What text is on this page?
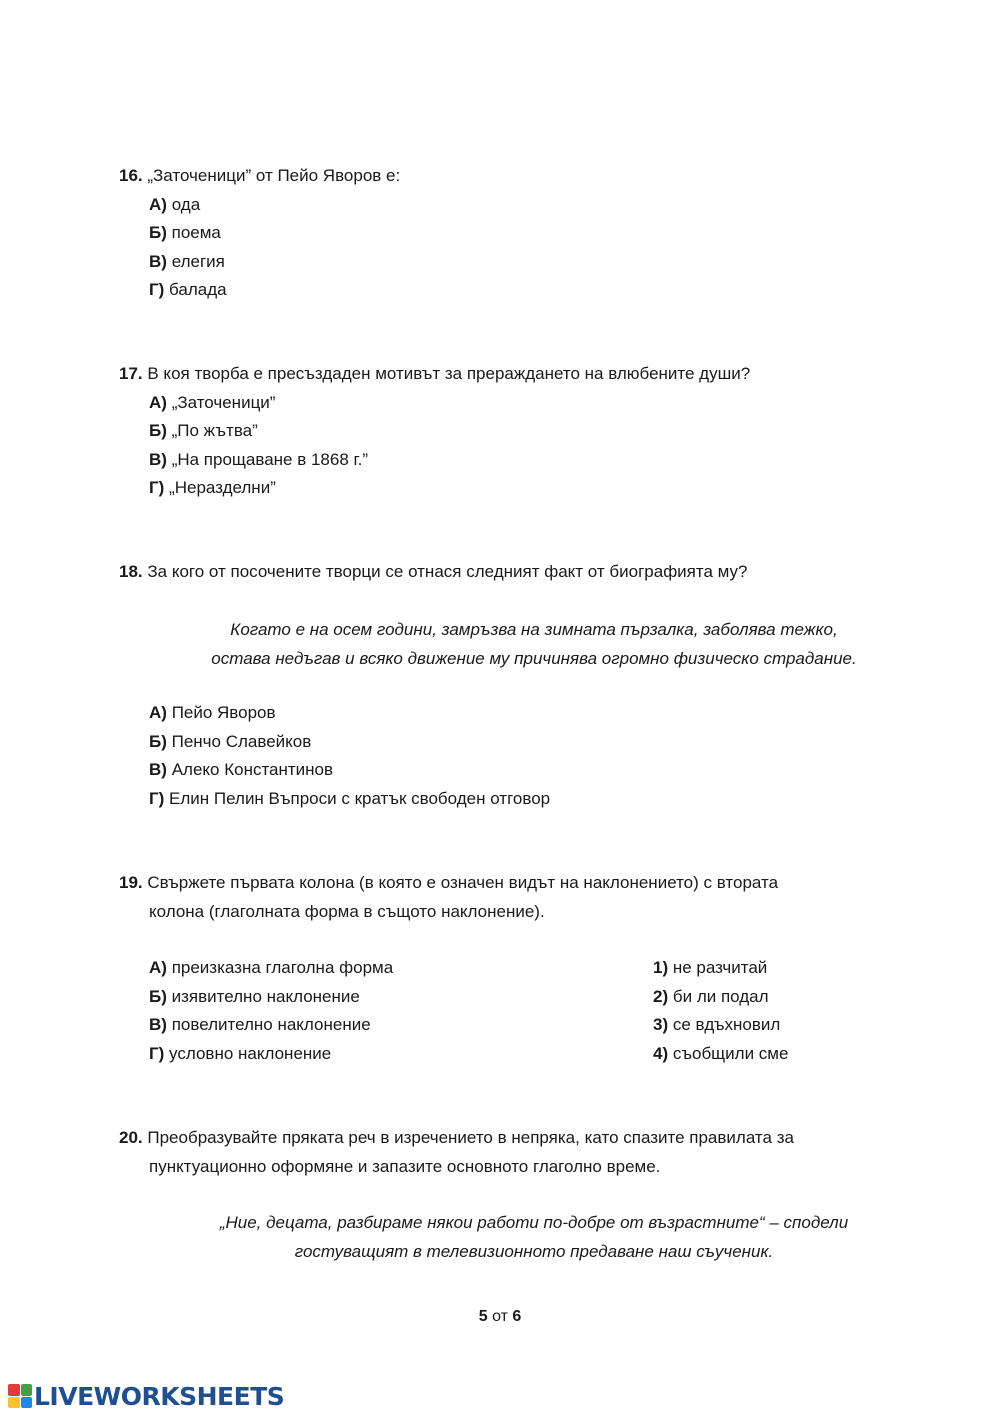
16. „Заточеници” от Пейо Яворов е:
А) ода
Б) поема
В) елегия
Г) балада
17. В коя творба е пресъздаден мотивът за прераждането на влюбените души?
А) „Заточеници”
Б) „По жътва”
В) „На прощаване в 1868 г.”
Г) „Неразделни”
18. За кого от посочените творци се отнася следният факт от биографията му?
Когато е на осем години, замръзва на зимната пързалка, заболява тежко,
остава недъгав и всяко движение му причинява огромно физическо страдание.
А) Пейо Яворов
Б) Пенчо Славейков
В) Алеко Константинов
Г) Елин Пелин Въпроси с кратък свободен отговор
19. Свържете първата колона (в която е означен видът на наклонението) с втората
колона (глаголната форма в същото наклонение).
А) преизказна глаголна форма
Б) изявително наклонение
В) повелително наклонение
Г) условно наклонение
1) не разчитай
2) би ли подал
3) се вдъхновил
4) съобщили сме
20. Преобразувайте пряката реч в изречението в непряка, като спазите правилата за
пунктуационно оформяне и запазите основното глаголно време.
„Ние, децата, разбираме някои работи по-добре от възрастните“ – сподели
гостуващият в телевизионното предаване наш съученик.
5 от 6
LIVEWORKSHEETS
